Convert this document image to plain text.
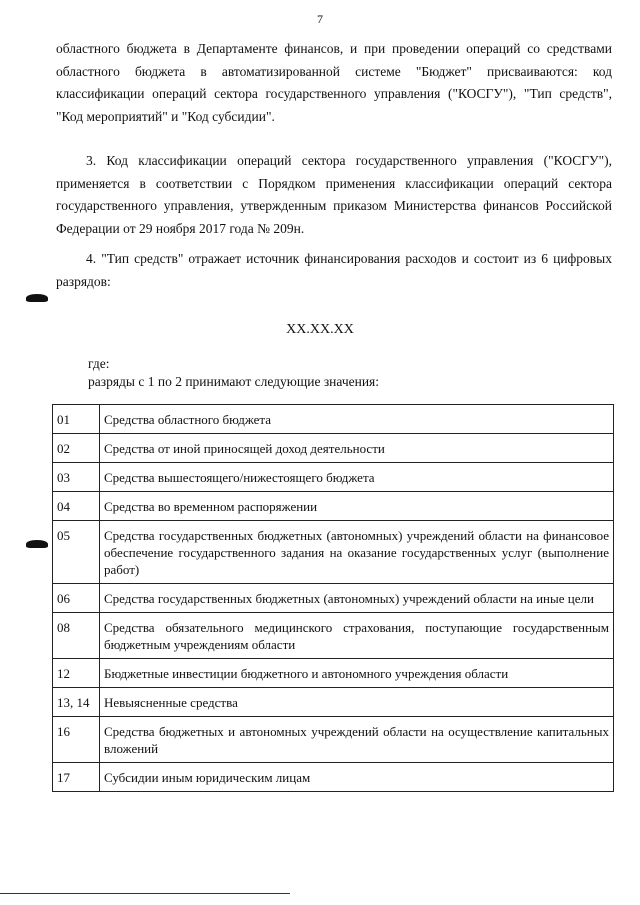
7
областного бюджета в Департаменте финансов, и при проведении операций со средствами областного бюджета в автоматизированной системе "Бюджет" присваиваются: код классификации операций сектора государственного управления ("КОСГУ"), "Тип средств", "Код мероприятий" и "Код субсидии".
3. Код классификации операций сектора государственного управления ("КОСГУ"), применяется в соответствии с Порядком применения классификации операций сектора государственного управления, утвержденным приказом Министерства финансов Российской Федерации от 29 ноября 2017 года № 209н.
4. "Тип средств" отражает источник финансирования расходов и состоит из 6 цифровых разрядов:
XX.XX.XX
где:
разряды с 1 по 2 принимают следующие значения:
01	Средства областного бюджета
02	Средства от иной приносящей доход деятельности
03	Средства вышестоящего/нижестоящего бюджета
04	Средства во временном распоряжении
05	Средства государственных бюджетных (автономных) учреждений области на финансовое обеспечение государственного задания на оказание государственных услуг (выполнение работ)
06	Средства государственных бюджетных (автономных) учреждений области на иные цели
08	Средства обязательного медицинского страхования, поступающие государственным бюджетным учреждениям области
12	Бюджетные инвестиции бюджетного и автономного учреждения области
13, 14	Невыясненные средства
16	Средства бюджетных и автономных учреждений области на осуществление капитальных вложений
17	Субсидии иным юридическим лицам
